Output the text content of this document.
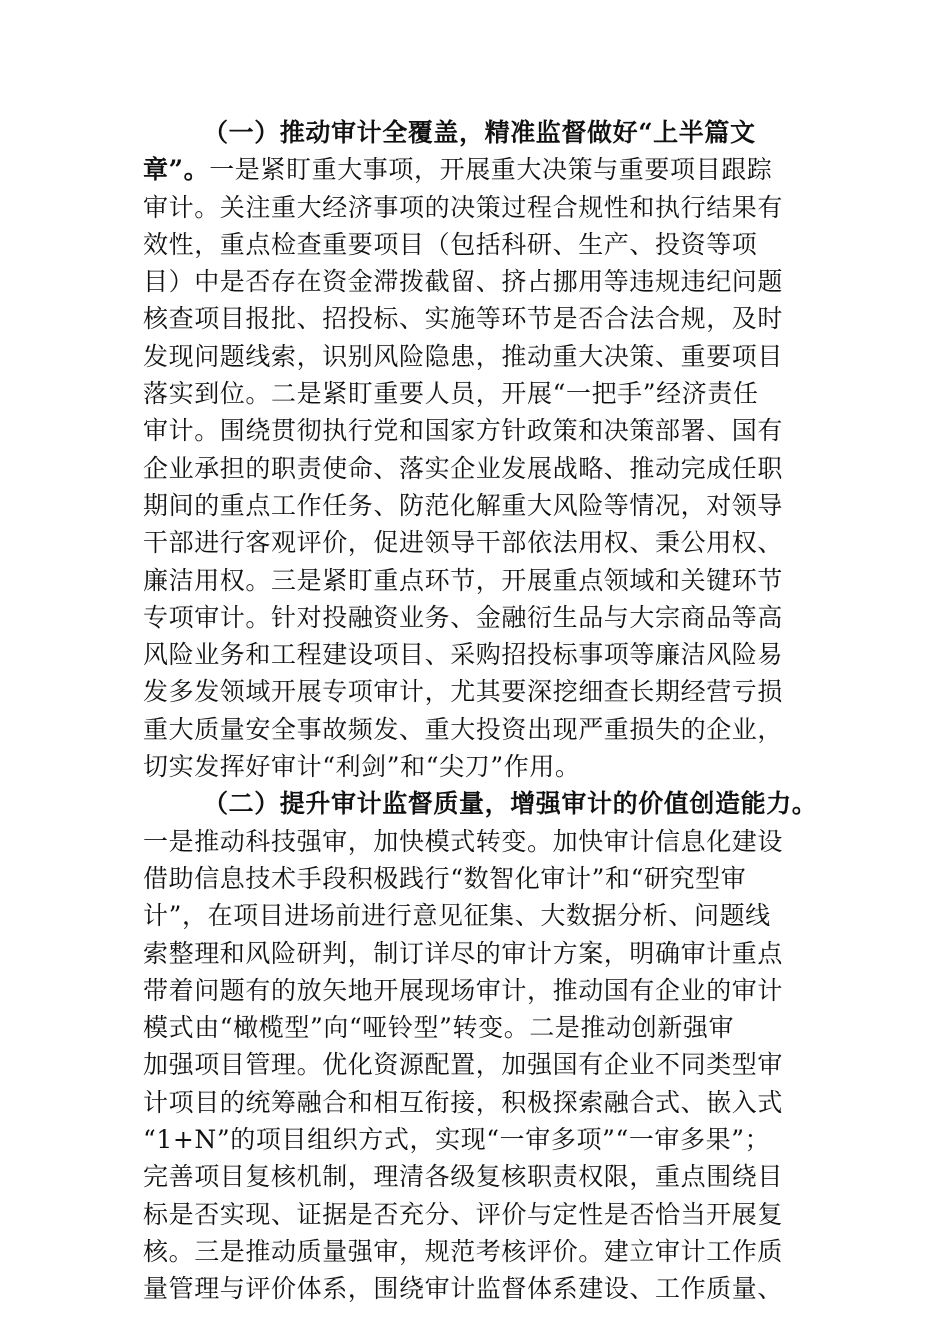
（一）推动审计全覆盖，精准监督做好“上半篇文
章”。一是紧盯重大事项，开展重大决策与重要项目跟踪
审计。关注重大经济事项的决策过程合规性和执行结果有
效性，重点检查重要项目（包括科研、生产、投资等项
目）中是否存在资金滞拨截留、挤占挪用等违规违纪问题
核查项目报批、招投标、实施等环节是否合法合规，及时
发现问题线索，识别风险隐患，推动重大决策、重要项目
落实到位。二是紧盯重要人员，开展“一把手”经济责任
审计。围绕贯彻执行党和国家方针政策和决策部署、国有
企业承担的职责使命、落实企业发展战略、推动完成任职
期间的重点工作任务、防范化解重大风险等情况，对领导
干部进行客观评价，促进领导干部依法用权、秉公用权、
廉洁用权。三是紧盯重点环节，开展重点领域和关键环节
专项审计。针对投融资业务、金融衍生品与大宗商品等高
风险业务和工程建设项目、采购招投标事项等廉洁风险易
发多发领域开展专项审计，尤其要深挖细查长期经营亏损
重大质量安全事故频发、重大投资出现严重损失的企业，
切实发挥好审计“利剑”和“尖刀”作用。
（二）提升审计监督质量，增强审计的价值创造能力。
一是推动科技强审，加快模式转变。加快审计信息化建设
借助信息技术手段积极践行“数智化审计”和“研究型审
计”，在项目进场前进行意见征集、大数据分析、问题线
索整理和风险研判，制订详尽的审计方案，明确审计重点
带着问题有的放矢地开展现场审计，推动国有企业的审计
模式由“橄榄型”向“哑铃型”转变。二是推动创新强审
加强项目管理。优化资源配置，加强国有企业不同类型审
计项目的统筹融合和相互衔接，积极探索融合式、嵌入式
“1+N”的项目组织方式，实现“一审多项”“一审多果”；
完善项目复核机制，理清各级复核职责权限，重点围绕目
标是否实现、证据是否充分、评价与定性是否恰当开展复
核。三是推动质量强审，规范考核评价。建立审计工作质
量管理与评价体系，围绕审计监督体系建设、工作质量、
